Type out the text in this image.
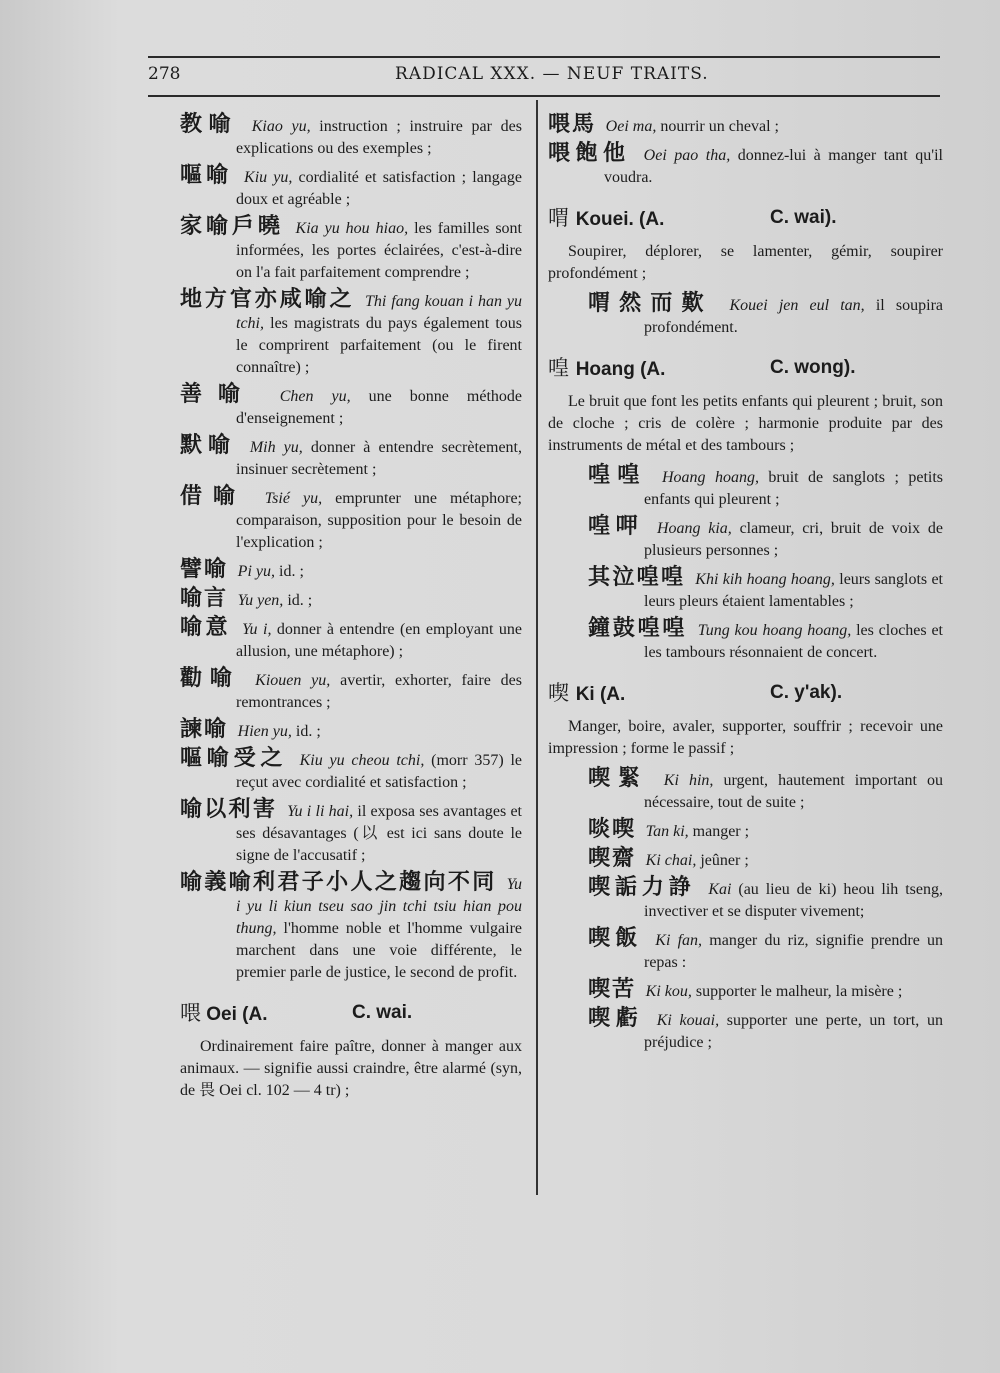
278	RADICAL XXX. — NEUF TRAITS.
教喻 Kiao yu, instruction ; instruire par des explications ou des exemples ;
嘔喻 Kiu yu, cordialité et satisfaction ; langage doux et agréable ;
家喻戶曉 Kia yu hou hiao, les familles sont informées, les portes éclairées, c'est-à-dire on l'a fait parfaitement comprendre ;
地方官亦咸喻之 Thi fang kouan i han yu tchi, les magistrats du pays également tous le comprirent parfaitement (ou le firent connaître) ;
善喻 Chen yu, une bonne méthode d'enseignement ;
默喻 Mih yu, donner à entendre secrètement, insinuer secrètement ;
借喻 Tsié yu, emprunter une métaphore; comparaison, supposition pour le besoin de l'explication ;
譬喻 Pi yu, id. ;
喻言 Yu yen, id. ;
喻意 Yu i, donner à entendre (en employant une allusion, une métaphore) ;
勸喻 Kiouen yu, avertir, exhorter, faire des remontrances ;
諫喻 Hien yu, id. ;
嘔喻受之 Kiu yu cheou tchi, (morr 357) le reçut avec cordialité et satisfaction ;
喻以利害 Yu i li hai, il exposa ses avantages et ses désavantages (以 est ici sans doute le signe de l'accusatif ;
喻義喻利君子小人之趨向不同 Yu i yu li kiun tseu sao jin tchi tsiu hian pou thung, l'homme noble et l'homme vulgaire marchent dans une voie différente, le premier parle de justice, le second de profit.
喂 Oei (A.	C. wai.
Ordinairement faire paître, donner à manger aux animaux. — signifie aussi craindre, être alarmé (syn, de 畏 Oei cl. 102 — 4 tr) ;
喂馬 Oei ma, nourrir un cheval ;
喂飽他 Oei pao tha, donnez-lui à manger tant qu'il voudra.
喟 Kouei. (A.	C. wai).
Soupirer, déplorer, se lamenter, gémir, soupirer profondément ;
喟然而歎 Kouei jen eul tan, il soupira profondément.
喤 Hoang (A.	C. wong).
Le bruit que font les petits enfants qui pleurent ; bruit, son de cloche ; cris de colère ; harmonie produite par des instruments de métal et des tambours ;
喤喤 Hoang hoang, bruit de sanglots ; petits enfants qui pleurent ;
喤呷 Hoang kia, clameur, cri, bruit de voix de plusieurs personnes ;
其泣喤喤 Khi kih hoang hoang, leurs sanglots et leurs pleurs étaient lamentables ;
鐘鼓喤喤 Tung kou hoang hoang, les cloches et les tambours résonnaient de concert.
喫 Ki (A.	C. y'ak).
Manger, boire, avaler, supporter, souffrir ; recevoir une impression ; forme le passif ;
喫緊 Ki hin, urgent, hautement important ou nécessaire, tout de suite ;
啖喫 Tan ki, manger ;
喫齋 Ki chai, jeûner ;
喫詬力諍 Kai (au lieu de ki) heou lih tseng, invectiver et se disputer vivement;
喫飯 Ki fan, manger du riz, signifie prendre un repas :
喫苦 Ki kou, supporter le malheur, la misère ;
喫虧 Ki kouai, supporter une perte, un tort, un préjudice ;
